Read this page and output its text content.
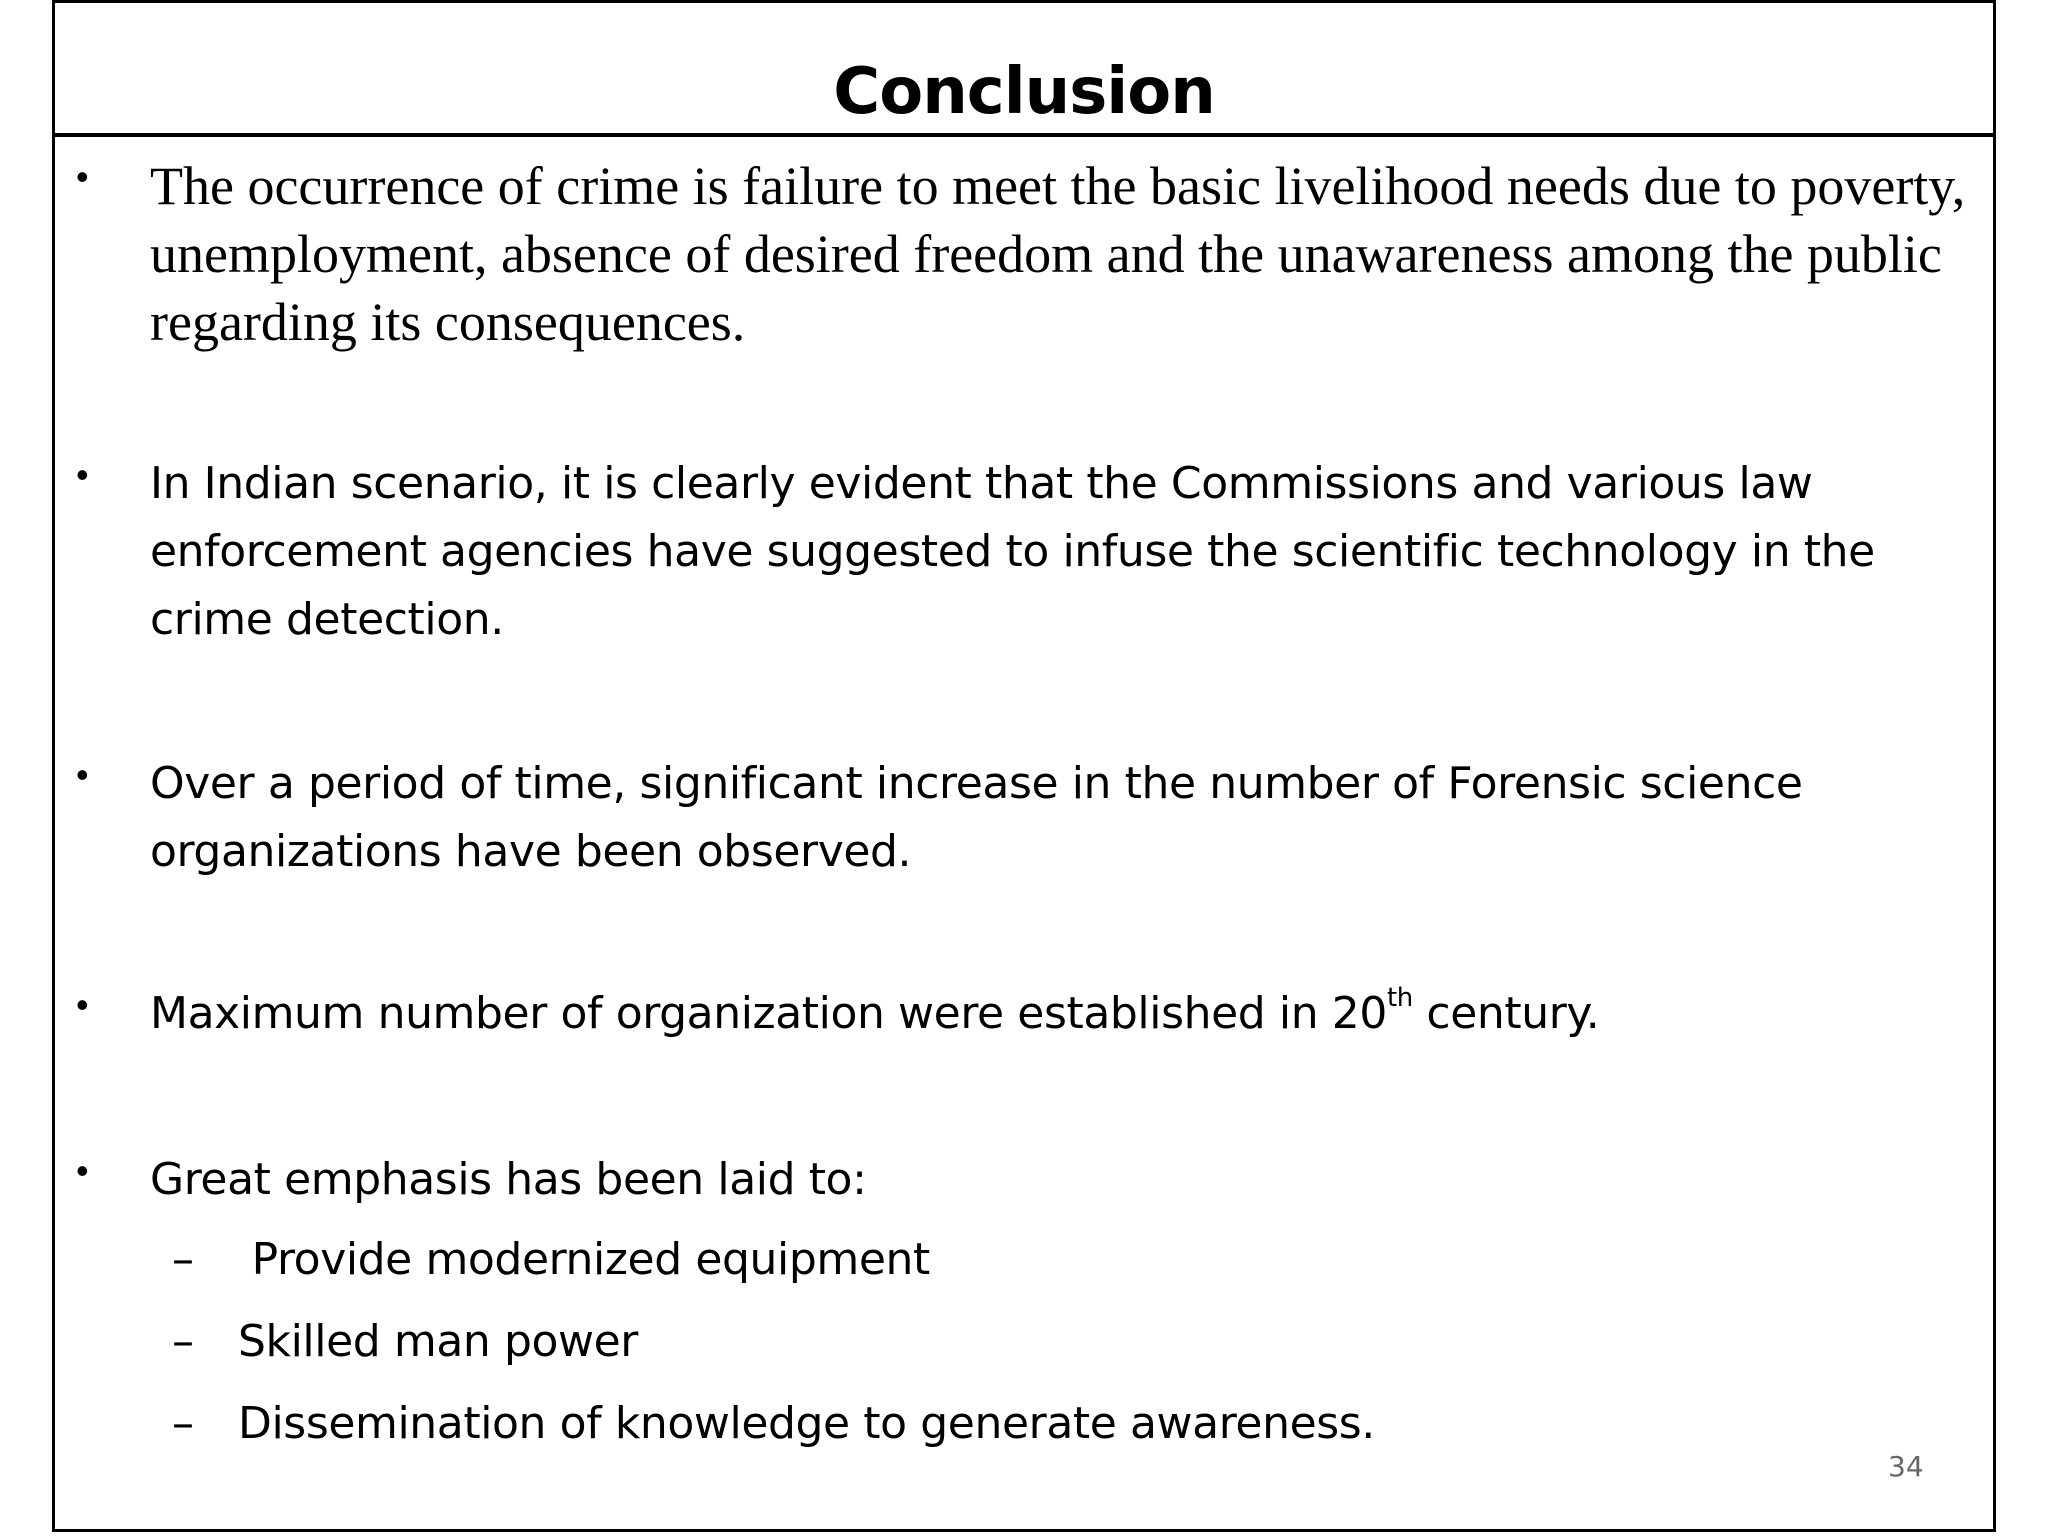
Conclusion
• The occurrence of crime is failure to meet the basic livelihood needs due to poverty, unemployment, absence of desired freedom and the unawareness among the public regarding its consequences.
• In Indian scenario, it is clearly evident that the Commissions and various law enforcement agencies have suggested to infuse the scientific technology in the crime detection.
• Over a period of time, significant increase in the number of Forensic science organizations have been observed.
• Maximum number of organization were established in 20th century.
• Great emphasis has been laid to:
– Provide modernized equipment
– Skilled man power
– Dissemination of knowledge to generate awareness.
34
